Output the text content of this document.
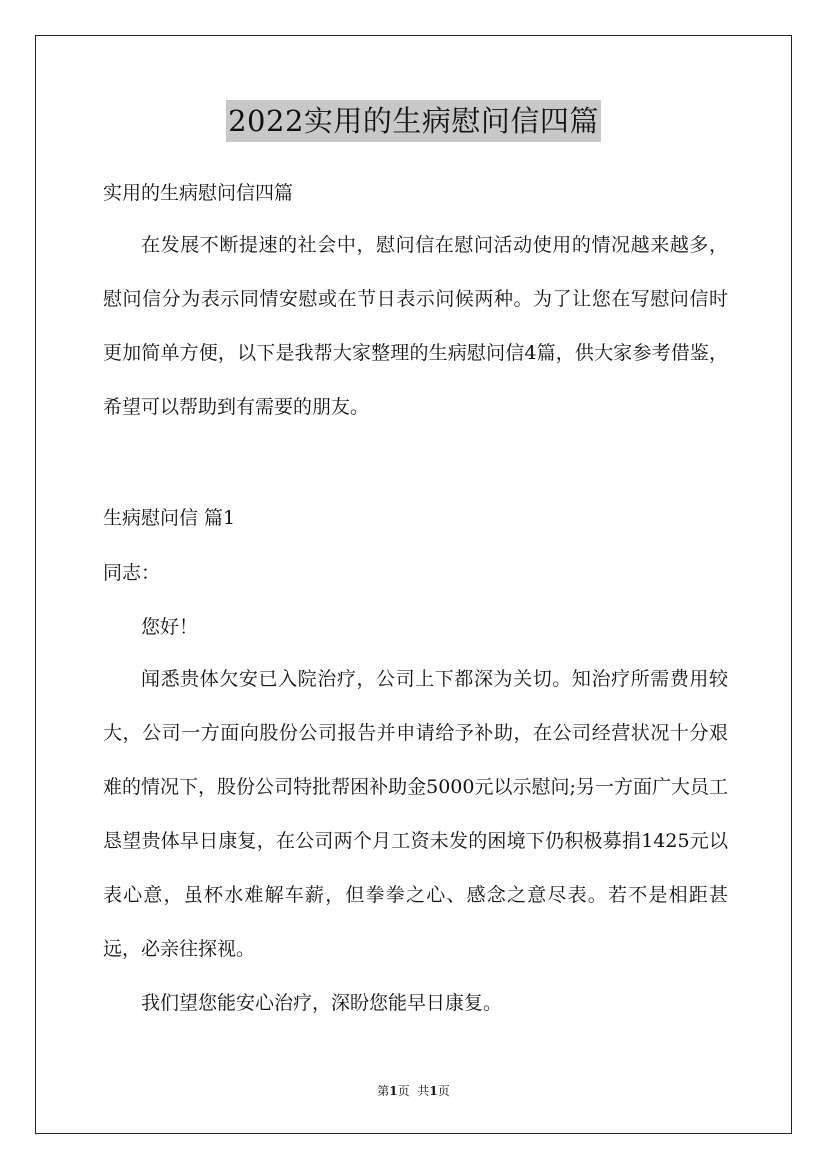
2022实用的生病慰问信四篇
实用的生病慰问信四篇
在发展不断提速的社会中，慰问信在慰问活动使用的情况越来越多，慰问信分为表示同情安慰或在节日表示问候两种。为了让您在写慰问信时更加简单方便，以下是我帮大家整理的生病慰问信4篇，供大家参考借鉴，希望可以帮助到有需要的朋友。
生病慰问信 篇1
同志：
您好！
闻悉贵体欠安已入院治疗，公司上下都深为关切。知治疗所需费用较大，公司一方面向股份公司报告并申请给予补助，在公司经营状况十分艰难的情况下，股份公司特批帮困补助金5000元以示慰问;另一方面广大员工恳望贵体早日康复，在公司两个月工资未发的困境下仍积极募捐1425元以表心意，虽杯水难解车薪，但拳拳之心、感念之意尽表。若不是相距甚远，必亲往探视。
我们望您能安心治疗，深盼您能早日康复。
第1页 共1页
